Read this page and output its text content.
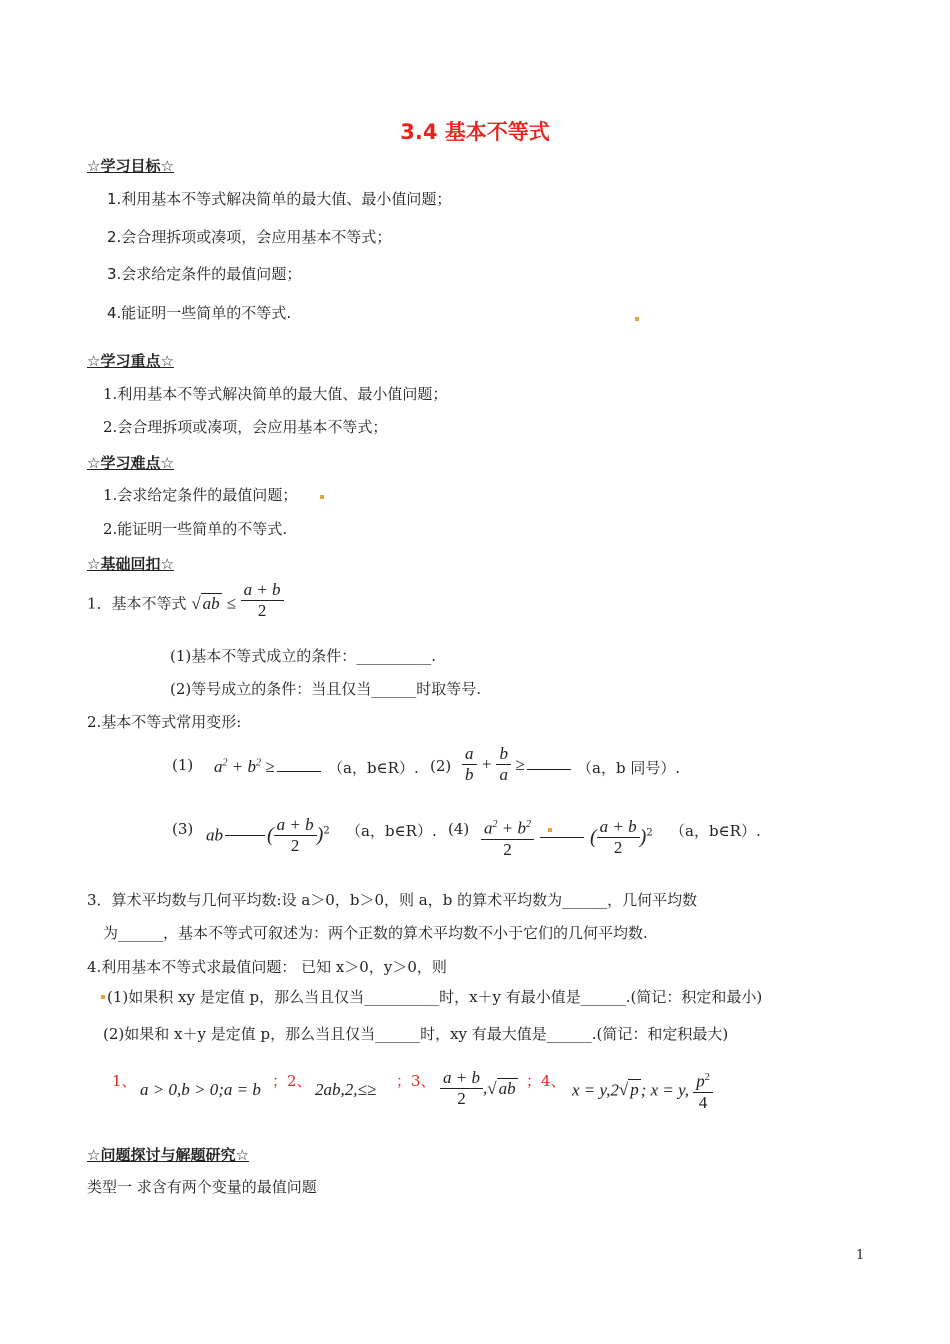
3.4 基本不等式
☆学习目标☆
1.利用基本不等式解决简单的最大值、最小值问题；
2.会合理拆项或凑项，会应用基本不等式；
3.会求给定条件的最值问题；
4.能证明一些简单的不等式.
☆学习重点☆
1.利用基本不等式解决简单的最大值、最小值问题；
2.会合理拆项或凑项，会应用基本不等式；
☆学习难点☆
1.会求给定条件的最值问题；
2.能证明一些简单的不等式.
☆基础回扣☆
1．基本不等式 √ ab ≤ $\frac{a + b}{2}$
(1)基本不等式成立的条件：__________.
(2)等号成立的条件：当且仅当______时取等号.
2.基本不等式常用变形:
(1) $a^2 + b^2$ ≥	（a，b∈R）. $(2) \frac{a}{b} + \frac{b}{a}$ ≥	（a，b 同号）.
(3) ab ( $\frac{a + b}{2} )^2$ （a，b∈R）. $(4) \frac{a^2 + b^2}{2}$	( $\frac{a + b}{2} )^2$ （a，b∈R）.
3．算术平均数与几何平均数:设 a＞0，b＞0，则 a，b 的算术平均数为______，几何平均数
为______，基本不等式可叙述为：两个正数的算术平均数不小于它们的几何平均数.
4.利用基本不等式求最值问题： 已知 x＞0，y＞0，则
(1)如果积 xy 是定值 p，那么当且仅当__________时，x＋y 有最小值是______.(简记：积定和最小)
(2)如果和 x＋y 是定值 p，那么当且仅当______时，xy 有最大值是______.(简记：和定积最大)
1、 a > 0,b > 0;a = b ；2、 2ab,2,≤≥ ；3、 $\frac{a + b}{2}$ ,√ ab ；4、 x = y,2√ p ; x = y, $\frac{p^2}{4}$
☆问题探讨与解题研究☆
类型一 求含有两个变量的最值问题
1
